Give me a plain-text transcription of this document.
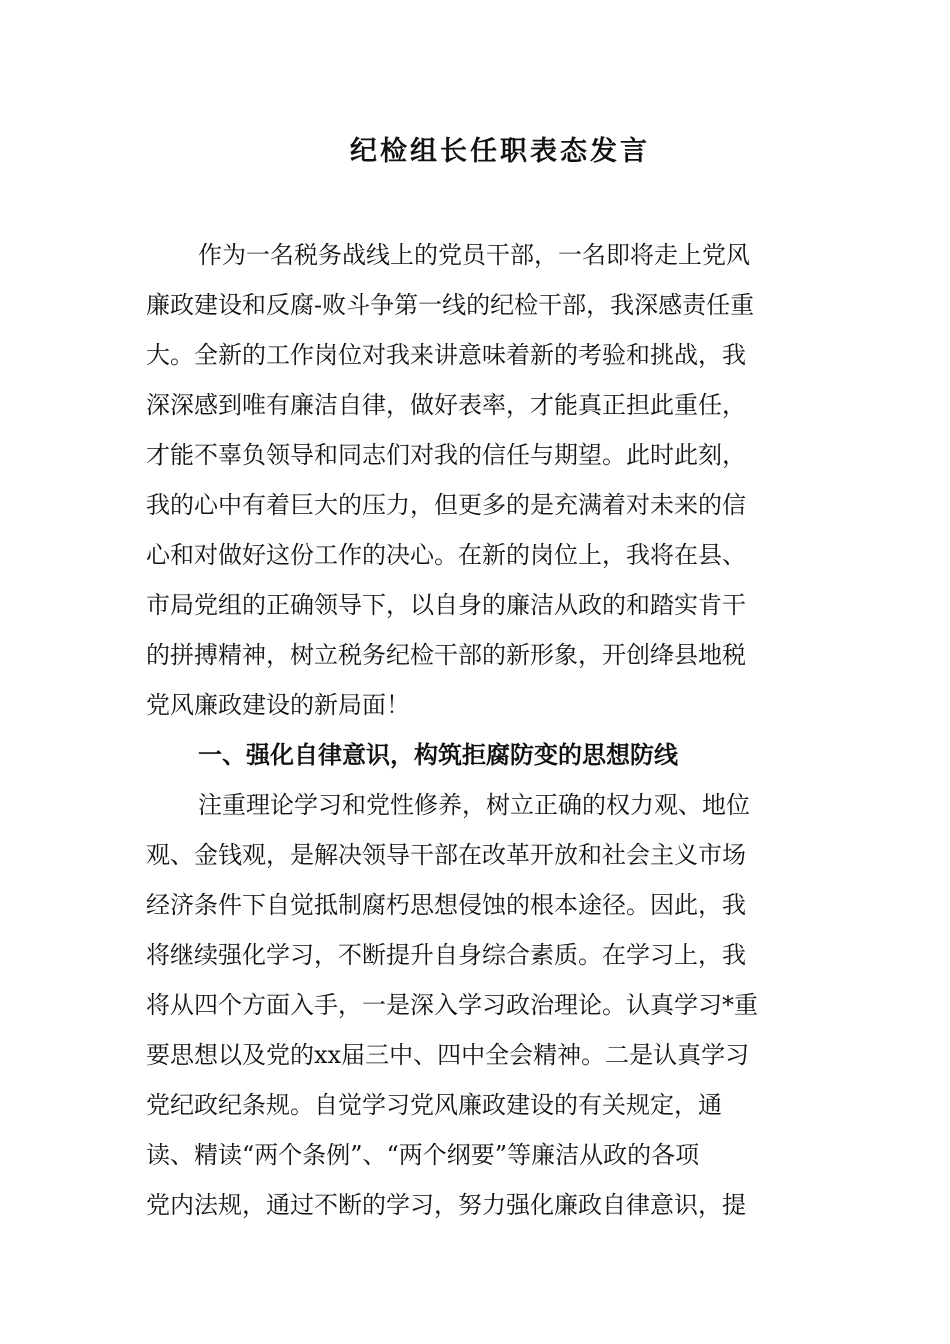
纪检组长任职表态发言
作为一名税务战线上的党员干部，一名即将走上党风
廉政建设和反腐-败斗争第一线的纪检干部，我深感责任重
大。全新的工作岗位对我来讲意味着新的考验和挑战，我
深深感到唯有廉洁自律，做好表率，才能真正担此重任，
才能不辜负领导和同志们对我的信任与期望。此时此刻，
我的心中有着巨大的压力，但更多的是充满着对未来的信
心和对做好这份工作的决心。在新的岗位上，我将在县、
市局党组的正确领导下，以自身的廉洁从政的和踏实肯干
的拼搏精神，树立税务纪检干部的新形象，开创绛县地税
党风廉政建设的新局面！
一、强化自律意识，构筑拒腐防变的思想防线
注重理论学习和党性修养，树立正确的权力观、地位
观、金钱观，是解决领导干部在改革开放和社会主义市场
经济条件下自觉抵制腐朽思想侵蚀的根本途径。因此，我
将继续强化学习，不断提升自身综合素质。在学习上，我
将从四个方面入手，一是深入学习政治理论。认真学习*重
要思想以及党的xx届三中、四中全会精神。二是认真学习
党纪政纪条规。自觉学习党风廉政建设的有关规定，通
读、精读“两个条例”、“两个纲要”等廉洁从政的各项
党内法规，通过不断的学习，努力强化廉政自律意识，提
